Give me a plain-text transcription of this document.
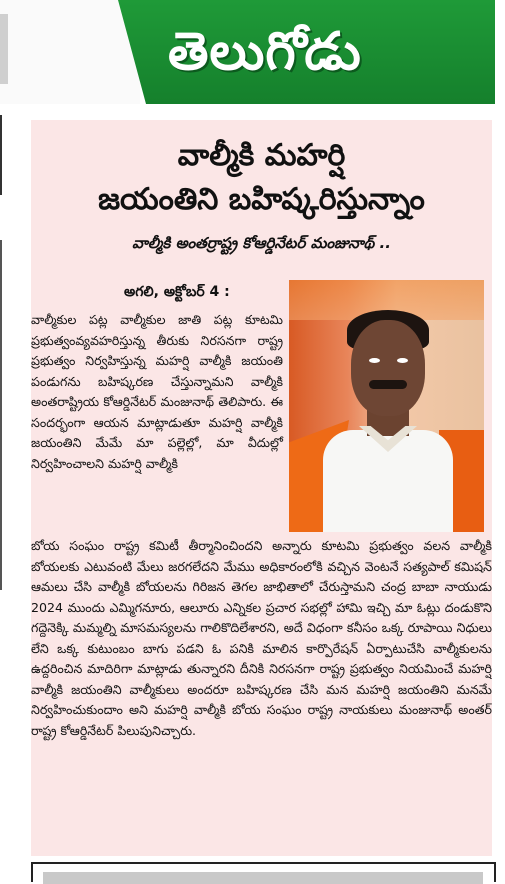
తెలుగోడు
వాల్మీకి మహర్షి
జయంతిని బహిష్కరిస్తున్నాం
వాల్మీకి అంతర్రాష్ట్ర కోఆర్డినేటర్ మంజునాథ్ ..
అగలి, అక్టోబర్ 4 :
వాల్మీకుల పట్ల వాల్మీకుల జాతి పట్ల కూటమి ప్రభుత్వంవ్యవహరిస్తున్న తీరుకు నిరసనగా రాష్ట్ర ప్రభుత్వం నిర్వహిస్తున్న మహర్షి వాల్మీకి జయంతి పండుగను బహిష్కరణ చేస్తున్నామని వాల్మీకి అంతరాష్ట్రియ కోఆర్డినేటర్ మంజునాథ్ తెలిపారు. ఈ సందర్భంగా ఆయన మాట్లాడుతూ మహర్షి వాల్మీకి జయంతిని మేమే మా పల్లెల్లో, మా వీదుల్లో నిర్వహించాలని మహర్షి వాల్మీకి
బోయ సంఘం రాష్ట్ర కమిటీ తీర్మానించిందని అన్నారు కూటమి ప్రభుత్వం వలన వాల్మీకి బోయలకు ఎటువంటి మేలు జరగలేదని మేము అధికారంలోకి వచ్చిన వెంటనే సత్యపాల్ కమిషన్ ఆమలు చేసి వాల్మీకి బోయలను గిరిజన తెగల జాభితాలో చేరుస్తామని చంద్ర బాబా నాయుడు 2024 ముందు ఎమ్మిగనూరు, ఆలూరు ఎన్నికల ప్రచార సభల్లో హామి ఇచ్చి మా ఓట్లు దండుకొని గద్దెనెక్కి మమ్మల్ని మాసమస్యలను గాలికొదిలేశారని, అదే విధంగా కనీసం ఒక్క రూపాయి నిధులు లేని ఒక్క కుటుంబం బాగు పడని ఓ పనికి మాలిన కార్పొరేషన్ ఏర్పాటుచేసి వాల్మీకులను ఉద్దరించిన మాదిరిగా మాట్లాడు తున్నారని దీనికి నిరసనగా రాష్ట్ర ప్రభుత్వం నియమించే మహర్షి వాల్మీకి జయంతిని వాల్మీకులు అందరూ బహిష్కరణ చేసి మన మహర్షి జయంతిని మనమే నిర్వహించుకుందాం అని మహర్షి వాల్మీకి బోయ సంఘం రాష్ట్ర నాయకులు మంజునాథ్ అంతర్ రాష్ట్ర కోఆర్డినేటర్ పిలుపునిచ్చారు.
